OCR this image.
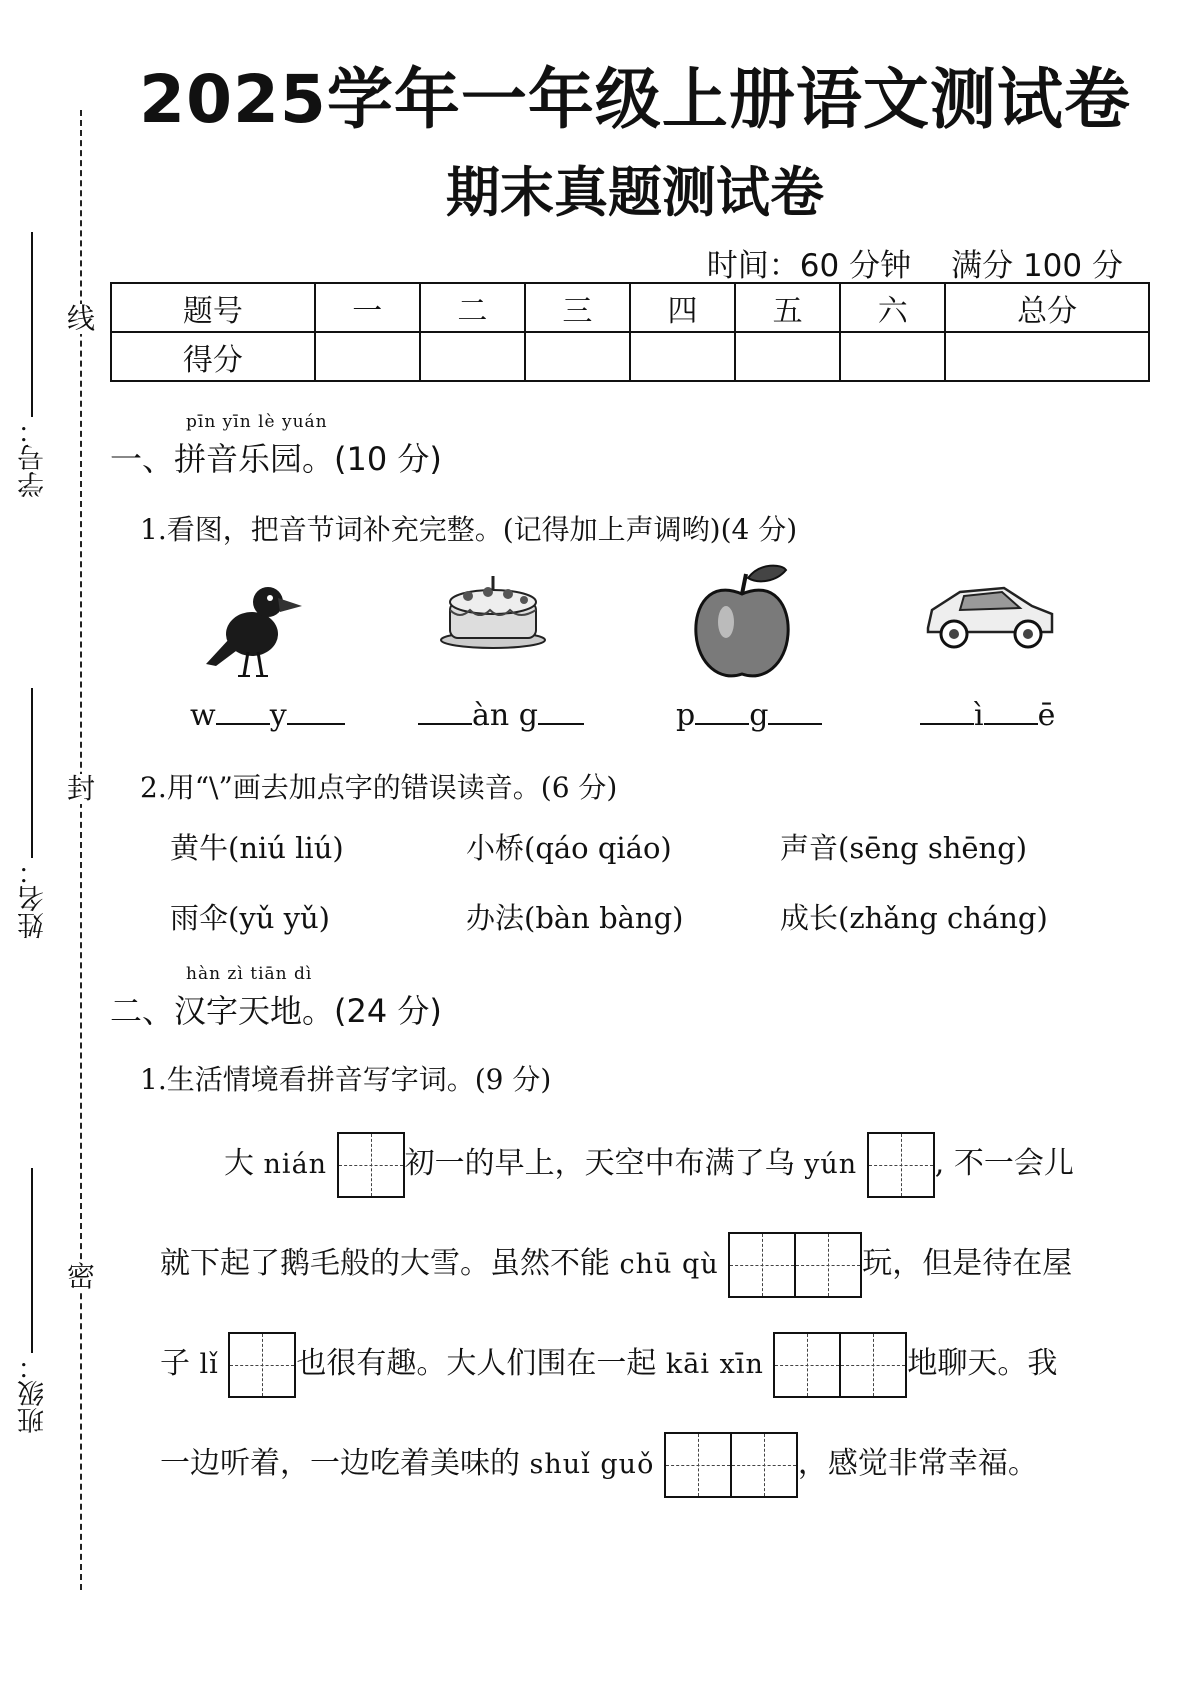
线
封
密
学号：
姓名：
班级：
2025学年一年级上册语文测试卷
期末真题测试卷
时间：60 分钟 满分 100 分
题号	一	二	三	四	五	六	总分
得分							
pīn yīn lè yuán
一、拼音乐园。(10 分)
1.看图，把音节词补充完整。(记得加上声调哟)(4 分)
w y	àn g	p g	ì ē
2.用“\”画去加点字的错误读音。(6 分)
黄牛(niú liú)	小桥(qáo qiáo)	声音(sēng shēng)
雨伞(yǔ yǔ)	办法(bàn bàng)	成长(zhǎng cháng)
hàn zì tiān dì
二、汉字天地。(24 分)
1.生活情境看拼音写字词。(9 分)
大 nián	初一的早上，天空中布满了乌 yún	, 不一会儿
就下起了鹅毛般的大雪。虽然不能 chū qù	玩，但是待在屋
子 lǐ	也很有趣。大人们围在一起 kāi xīn	地聊天。我
一边听着，一边吃着美味的 shuǐ guǒ	，感觉非常幸福。
